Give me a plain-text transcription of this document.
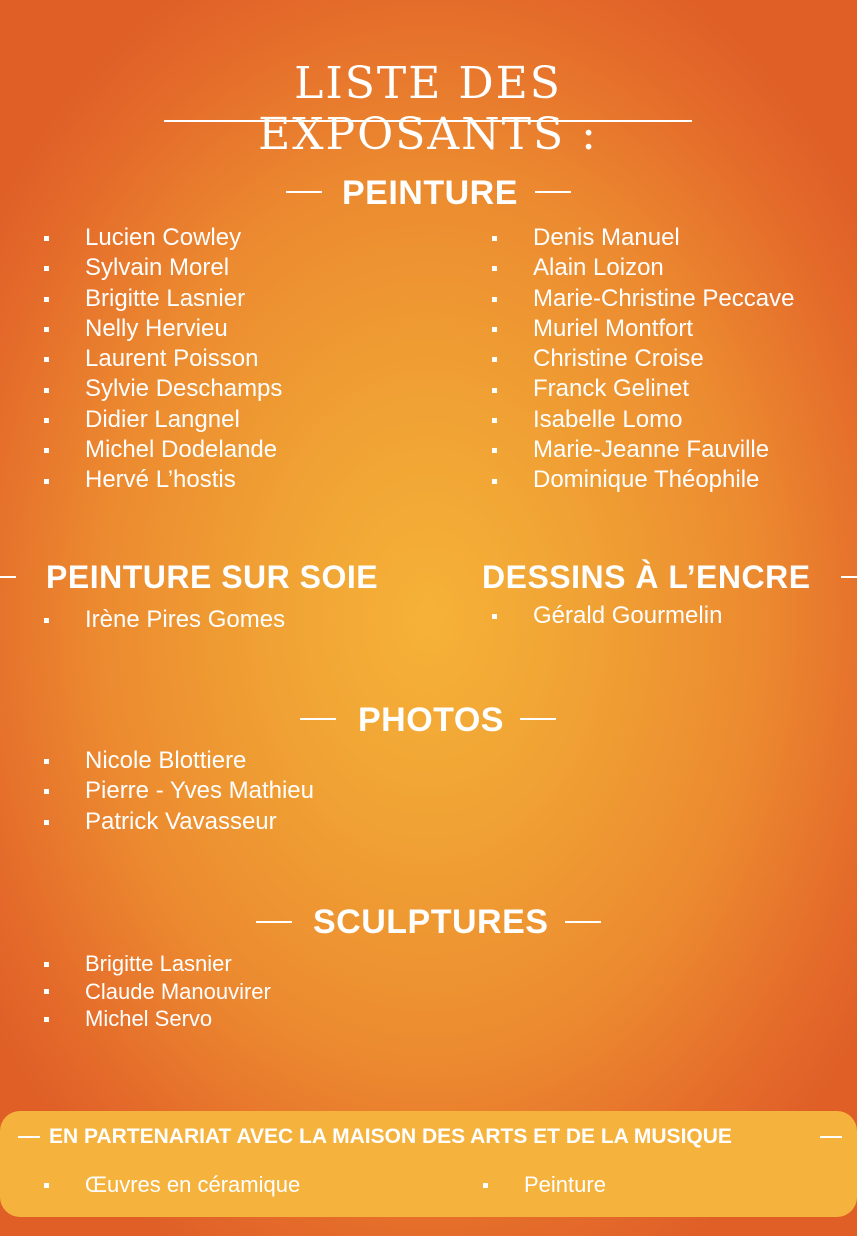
LISTE DES EXPOSANTS :
PEINTURE
Lucien Cowley
Sylvain Morel
Brigitte Lasnier
Nelly Hervieu
Laurent Poisson
Sylvie Deschamps
Didier Langnel
Michel Dodelande
Hervé L’hostis
Denis Manuel
Alain Loizon
Marie-Christine Peccave
Muriel Montfort
Christine Croise
Franck Gelinet
Isabelle Lomo
Marie-Jeanne Fauville
Dominique Théophile
PEINTURE SUR SOIE
Irène Pires Gomes
DESSINS À L’ENCRE
Gérald Gourmelin
PHOTOS
Nicole Blottiere
Pierre - Yves Mathieu
Patrick Vavasseur
SCULPTURES
Brigitte Lasnier
Claude Manouvirer
Michel Servo
EN PARTENARIAT AVEC LA MAISON DES ARTS ET DE LA MUSIQUE
Œuvres en céramique	Peinture
